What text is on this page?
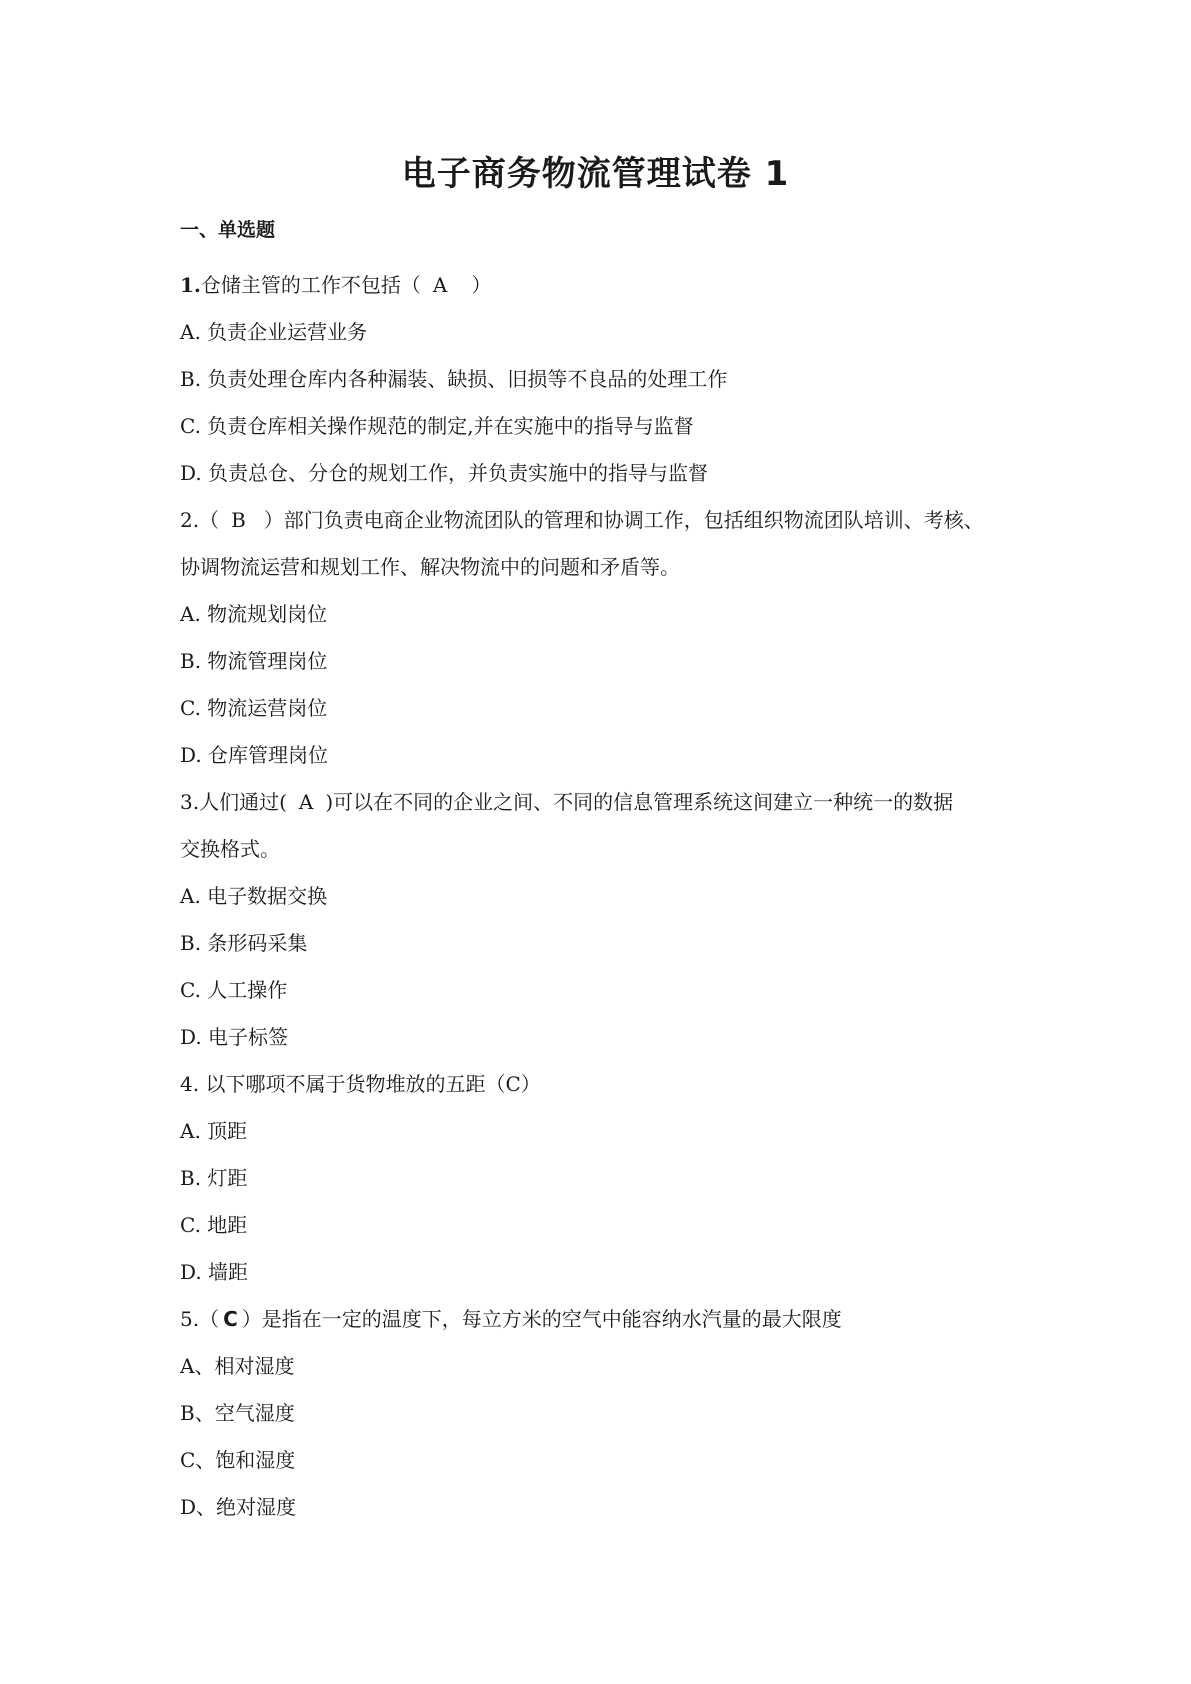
电子商务物流管理试卷 1
一、单选题
1.仓储主管的工作不包括（ A ）
A. 负责企业运营业务
B. 负责处理仓库内各种漏装、缺损、旧损等不良品的处理工作
C. 负责仓库相关操作规范的制定,并在实施中的指导与监督
D. 负责总仓、分仓的规划工作，并负责实施中的指导与监督
2.（ B ）部门负责电商企业物流团队的管理和协调工作，包括组织物流团队培训、考核、
协调物流运营和规划工作、解决物流中的问题和矛盾等。
A. 物流规划岗位
B. 物流管理岗位
C. 物流运营岗位
D. 仓库管理岗位
3.人们通过( A )可以在不同的企业之间、不同的信息管理系统这间建立一种统一的数据
交换格式。
A. 电子数据交换
B. 条形码采集
C. 人工操作
D. 电子标签
4. 以下哪项不属于货物堆放的五距（C）
A. 顶距
B. 灯距
C. 地距
D. 墙距
5.（ C ）是指在一定的温度下，每立方米的空气中能容纳水汽量的最大限度
A、相对湿度
B、空气湿度
C、饱和湿度
D、绝对湿度
